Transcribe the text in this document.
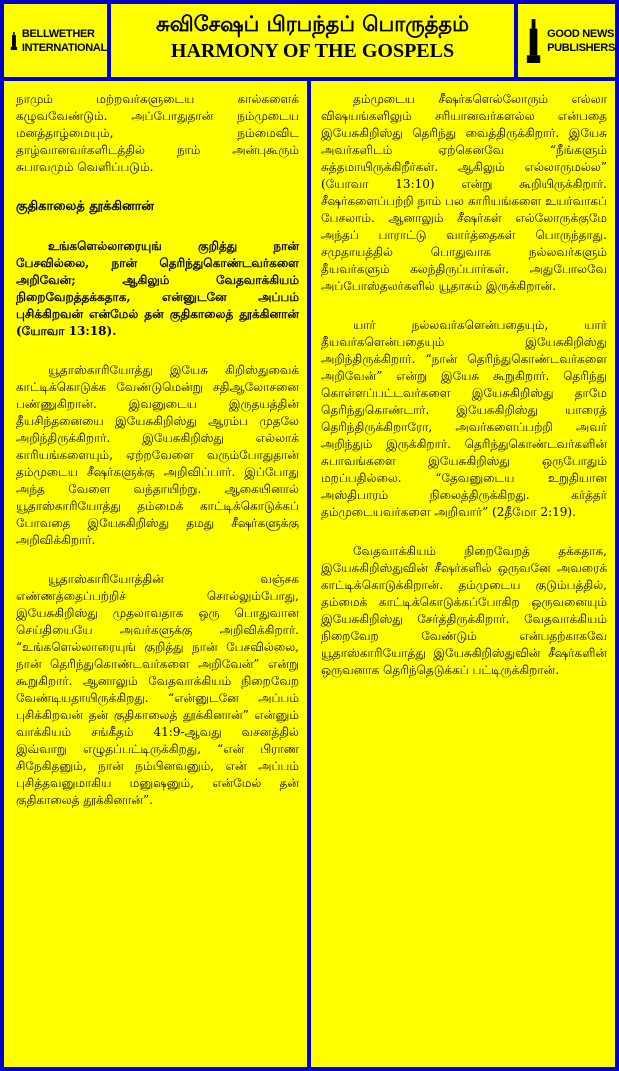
BELLWETHER
INTERNATIONAL
சுவிசேஷப் பிரபந்தப் பொருத்தம்
HARMONY OF THE GOSPELS
GOOD NEWS
PUBLISHERS

நாமும் மற்றவர்களுடைய கால்களைக் கழுவவேண்டும். அப்போதுதான் நம்முடைய மனத்தாழ்மையும், நம்மைவிட தாழ்வானவர்களிடத்தில் நாம் அன்புகூரும் சுபாவமும் வெளிப்படும்.

குதிகாலைத் தூக்கினான்

உங்களெல்லாரையுங் குறித்து நான் பேசவில்லை, நான் தெரிந்துகொண்டவர்களை அறிவேன்; ஆகிலும் வேதவாக்கியம் நிறைவேறத்தக்கதாக, என்னுடனே அப்பம் புசிக்கிறவன் என்மேல் தன் குதிகாலைத் தூக்கினான் (யோவா 13:18).

யூதாஸ்காரியோத்து இயேசு கிறிஸ்துவைக் காட்டிக்கொடுக்க வேண்டுமென்று சதிஆலோசனை பண்ணுகிறான். இவனுடைய இருதயத்தின் தீயசிந்தனையை இயேசுகிறிஸ்து ஆரம்ப முதலே அறிந்திருக்கிறார். இயேசுகிறிஸ்து எல்லாக் காரியங்களையும், ஏற்றவேளை வரும்போதுதான் தம்முடைய சீஷர்களுக்கு அறிவிப்பார். இப்போது அந்த வேளை வந்தாயிற்று. ஆகையினால் யூதாஸ்காரியோத்து தம்மைக் காட்டிக்கொடுக்கப் போவதை இயேசுகிறிஸ்து தமது சீஷர்களுக்கு அறிவிக்கிறார்.

யூதாஸ்காரியோத்தின் வஞ்சக எண்ணத்தைப்பற்றிச் சொல்லும்போது, இயேசுகிறிஸ்து முதலாவதாக ஒரு பொதுவான செய்தியையே அவர்களுக்கு அறிவிக்கிறார். “உங்களெல்லாரையுங் குறித்து நான் பேசவில்லை, நான் தெரிந்துகொண்டவர்களை அறிவேன்” என்று கூறுகிறார். ஆனாலும் வேதவாக்கியம் நிறைவேற வேண்டியதாயிருக்கிறது. “என்னுடனே அப்பம் புசிக்கிறவன் தன் குதிகாலைத் தூக்கினான்” என்னும் வாக்கியம் சங்கீதம் 41:9-ஆவது வசனத்தில் இவ்வாறு எழுதப்பட்டிருக்கிறது, “என் பிராண சிநேகிதனும், நான் நம்பினவனும், என் அப்பம் புசித்தவனுமாகிய மனுஷனும், என்மேல் தன் குதிகாலைத் தூக்கினான்”.

தம்முடைய சீஷர்களெல்லோரும் எல்லா விஷயங்களிலும் சரியானவர்களல்ல என்பதை இயேசுகிறிஸ்து தெரிந்து வைத்திருக்கிறார். இயேசு அவர்களிடம் ஏற்கெனவே “நீங்களும் சுத்தமாயிருக்கிறீர்கள். ஆகிலும் எல்லாருமல்ல” (யோவா 13:10) என்று கூறியிருக்கிறார். சீஷர்களைப்பற்றி நாம் பல காரியங்களை உயர்வாகப் பேசலாம். ஆனாலும் சீஷர்கள் எல்லோருக்குமே அந்தப் பாராட்டு வார்த்தைகள் பொருந்தாது. சமுதாயத்தில் பொதுவாக நல்லவர்களும் தீயவர்களும் கலந்திருப்பார்கள். அதுபோலவே அப்போஸ்தலர்களில் யூதாசும் இருக்கிறான்.

யார் நல்லவர்களென்பதையும், யார் தீயவர்களென்பதையும் இயேசுகிறிஸ்து அறிந்திருக்கிறார். “நான் தெரிந்துகொண்டவர்களை அறிவேன்” என்று இயேசு கூறுகிறார். தெரிந்து கொள்ளப்பட்டவர்களை இயேசுகிறிஸ்து தாமே தெரிந்துகொண்டார். இயேசுகிறிஸ்து யாரைத் தெரிந்திருக்கிறாரோ, அவர்களைப்பற்றி அவர் அறிந்தும் இருக்கிறார். தெரிந்துகொண்டவர்களின் சுபாவங்களை இயேசுகிறிஸ்து ஒருபோதும் மறப்பதில்லை. “தேவனுடைய உறுதியான அஸ்திபாரம் நிலைத்திருக்கிறது. கர்த்தர் தம்முடையவர்களை அறிவார்” (2தீமோ 2:19).

வேதவாக்கியம் நிறைவேறத் தக்கதாக, இயேசுகிறிஸ்துவின் சீஷர்களில் ஒருவனே அவரைக் காட்டிக்கொடுக்கிறான். தம்முடைய குடும்பத்தில், தம்மைக் காட்டிக்கொடுக்கப்போகிற ஒருவனையும் இயேசுகிறிஸ்து சேர்த்திருக்கிறார். வேதவாக்கியம் நிறைவேற வேண்டும் என்பதற்காகவே யூதாஸ்காரியோத்து இயேசுகிறிஸ்துவின் சீஷர்களின் ஒருவனாக தெரிந்தெடுக்கப் பட்டிருக்கிறான்.
